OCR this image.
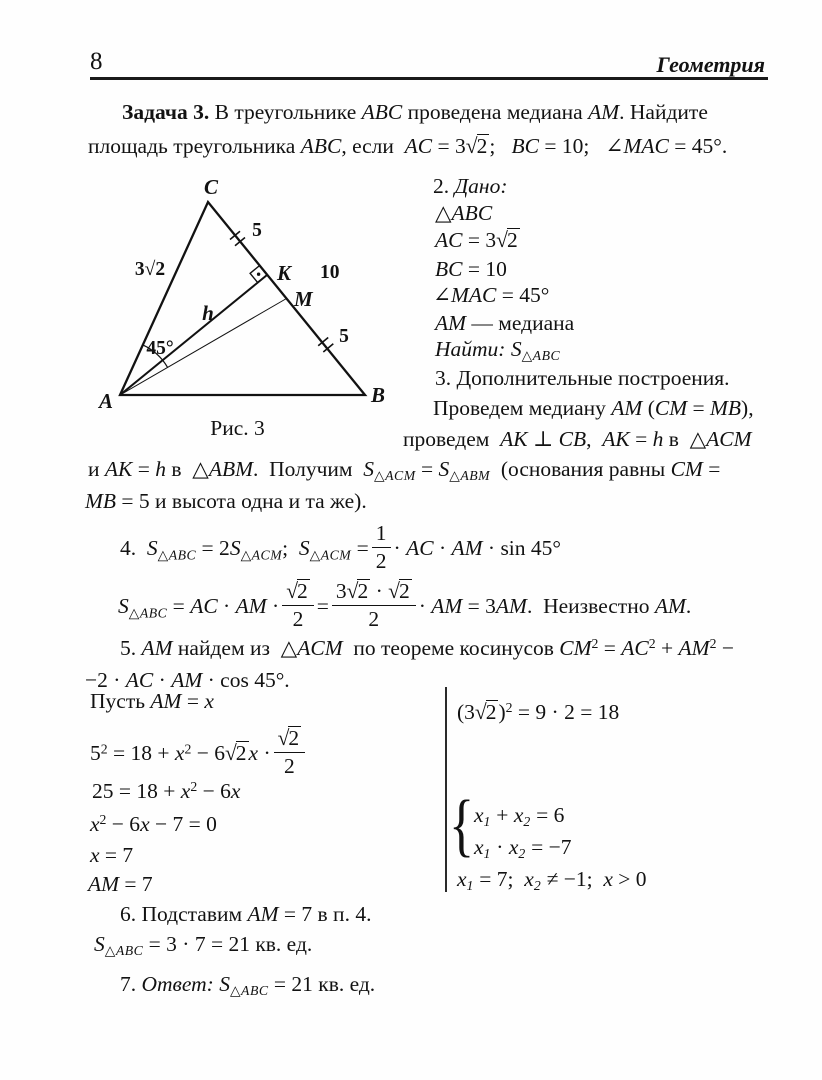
8	Геометрия
Задача 3. В треугольнике ABC проведена медиана AM. Найдите
площадь треугольника ABC, если  AC = 3√2;   BC = 10;   ∠MAC = 45°.
C
A	B
K
M
h
45°
5
10
5
3√2
Рис. 3
2. Дано:
△ABC
AC = 3√2
BC = 10
∠MAC = 45°
AM — медиана
Найти: $S_{\triangle ABC}$
3. Дополнительные построения.
Проведем медиану AM (CM = MB),
проведем  AK ⊥ CB,  AK = h в  △ACM
и AK = h в  △ABM.  Получим  $S_{\triangle ACM} = S_{\triangle ABM}$  (основания равны CM =
MB = 5 и высота одна и та же).
4.  $S_{\triangle ABC} = 2S_{\triangle ACM}$;  $S_{\triangle ACM} = \frac{1}{2}$ · AC · AM · sin 45°
$S_{\triangle ABC}$ = AC · AM · $\frac{√2}{2} = \frac{3√2 \cdot √2}{2}$ · AM = 3AM.  Неизвестно AM.
5. AM найдем из  △ACM  по теореме косинусов $CM^2 = AC^2 + AM^2$ −
−2 · AC · AM · cos 45°.
Пусть AM = x
$5^2 = 18 + x^2 - 6√2x \cdot \frac{√2}{2}$
$25 = 18 + x^2 - 6x$
$x^2 - 6x - 7 = 0$
x = 7
AM = 7
$(3√2)^2 = 9 \cdot 2 = 18$
{ $x_1 + x_2 = 6$
$x_1 \cdot x_2 = -7$
$x_1 = 7$;  $x_2 \ne -1$;  x > 0
6. Подставим AM = 7 в п. 4.
$S_{\triangle ABC} = 3 \cdot 7 = 21$ кв. ед.
7. Ответ: $S_{\triangle ABC} = 21$ кв. ед.
